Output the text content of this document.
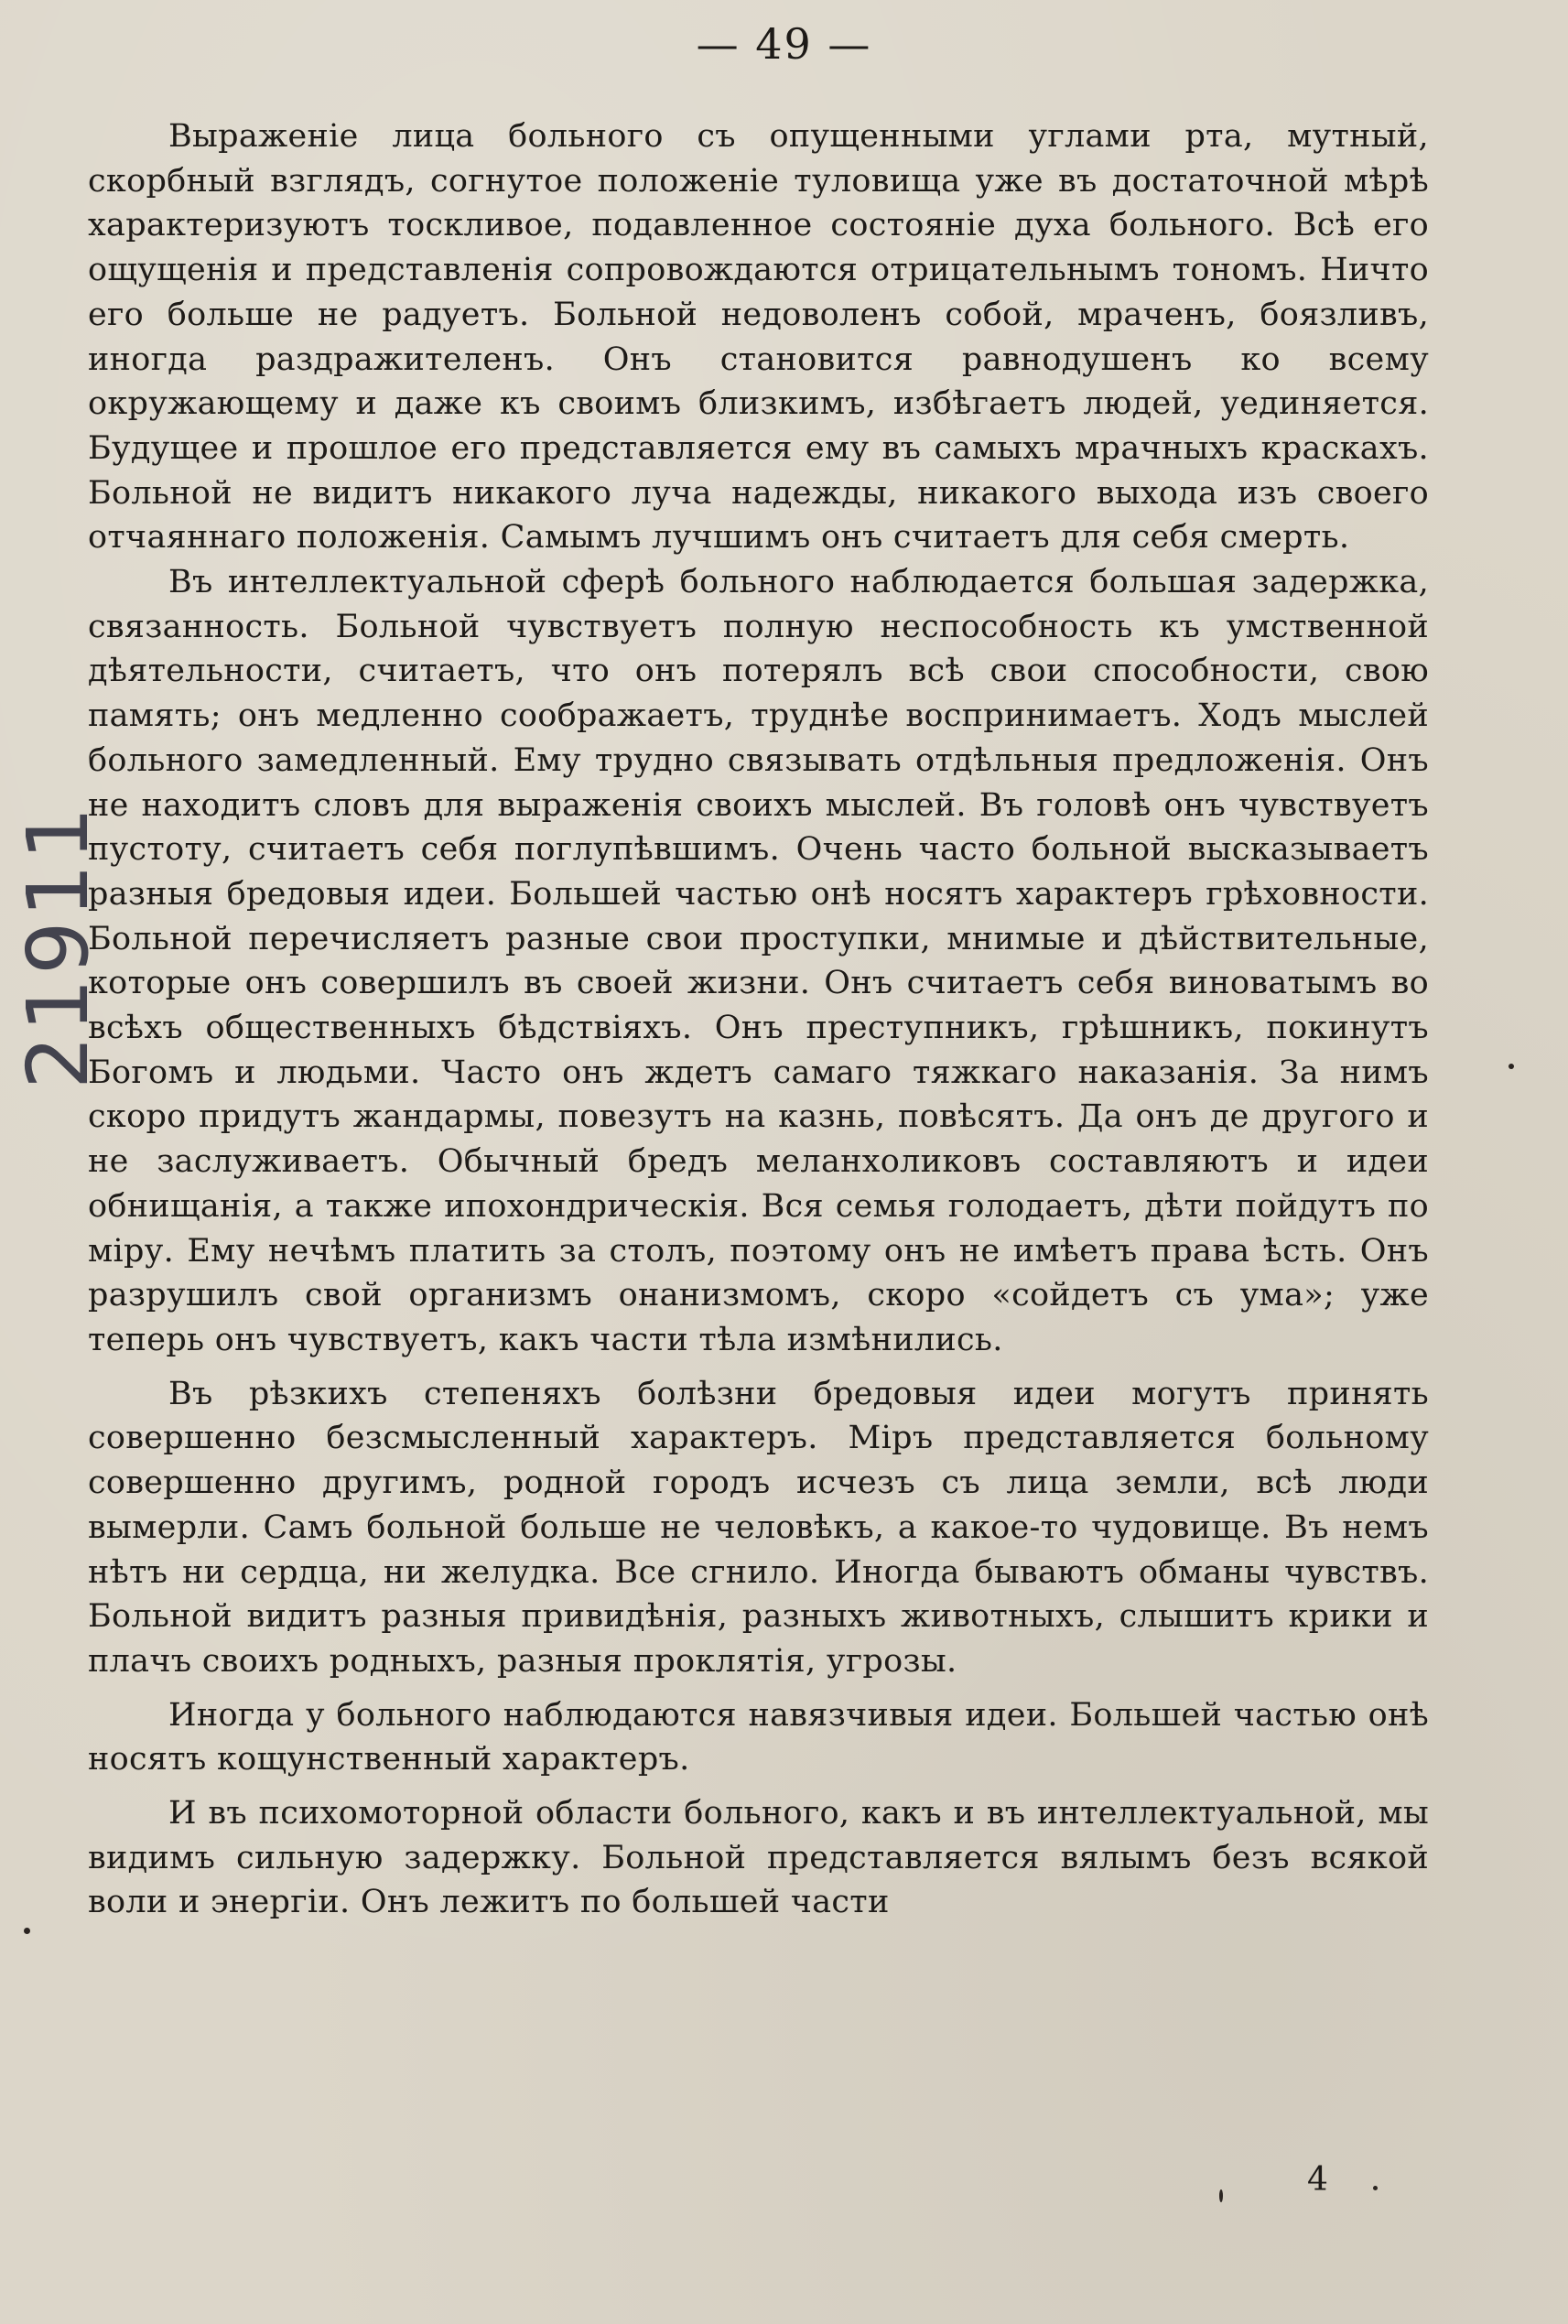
— 49 —
21911

Выраженіе лица больного съ опущенными углами рта, мутный, скорбный взглядъ, согнутое положеніе туловища уже въ достаточной мѣрѣ характеризуютъ тоскливое, подавленное состояніе духа больного. Всѣ его ощущенія и представленія сопровождаются отрицательнымъ тономъ. Ничто его больше не радуетъ. Больной недоволенъ собой, мраченъ, боязливъ, иногда раздражителенъ. Онъ становится равнодушенъ ко всему окружающему и даже къ своимъ близкимъ, избѣгаетъ людей, уединяется. Будущее и прошлое его представляется ему въ самыхъ мрачныхъ краскахъ. Больной не видитъ никакого луча надежды, никакого выхода изъ своего отчаяннаго положенія. Самымъ лучшимъ онъ считаетъ для себя смерть.

Въ интеллектуальной сферѣ больного наблюдается большая задержка, связанность. Больной чувствуетъ полную неспособность къ умственной дѣятельности, считаетъ, что онъ потерялъ всѣ свои способности, свою память; онъ медленно соображаетъ, труднѣе воспринимаетъ. Ходъ мыслей больного замедленный. Ему трудно связывать отдѣльныя предложенія. Онъ не находитъ словъ для выраженія своихъ мыслей. Въ головѣ онъ чувствуетъ пустоту, считаетъ себя поглупѣвшимъ. Очень часто больной высказываетъ разныя бредовыя идеи. Большей частью онѣ носятъ характеръ грѣховности. Больной перечисляетъ разные свои проступки, мнимые и дѣйствительные, которые онъ совершилъ въ своей жизни. Онъ считаетъ себя виноватымъ во всѣхъ общественныхъ бѣдствіяхъ. Онъ преступникъ, грѣшникъ, покинутъ Богомъ и людьми. Часто онъ ждетъ самаго тяжкаго наказанія. За нимъ скоро придутъ жандармы, повезутъ на казнь, повѣсятъ. Да онъ де другого и не заслуживаетъ. Обычный бредъ меланхоликовъ составляютъ и идеи обнищанія, а также ипохондрическія. Вся семья голодаетъ, дѣти пойдутъ по міру. Ему нечѣмъ платить за столъ, поэтому онъ не имѣетъ права ѣсть. Онъ разрушилъ свой организмъ онанизмомъ, скоро «сойдетъ съ ума»; уже теперь онъ чувствуетъ, какъ части тѣла измѣнились.

Въ рѣзкихъ степеняхъ болѣзни бредовыя идеи могутъ принять совершенно безсмысленный характеръ. Міръ представляется больному совершенно другимъ, родной городъ исчезъ съ лица земли, всѣ люди вымерли. Самъ больной больше не человѣкъ, а какое-то чудовище. Въ немъ нѣтъ ни сердца, ни желудка. Все сгнило. Иногда бываютъ обманы чувствъ. Больной видитъ разныя привидѣнія, разныхъ животныхъ, слышитъ крики и плачъ своихъ родныхъ, разныя проклятія, угрозы.

Иногда у больного наблюдаются навязчивыя идеи. Большей частью онѣ носятъ кощунственный характеръ.

И въ психомоторной области больного, какъ и въ интеллектуальной, мы видимъ сильную задержку. Больной представляется вялымъ безъ всякой воли и энергіи. Онъ лежитъ по большей части

4
